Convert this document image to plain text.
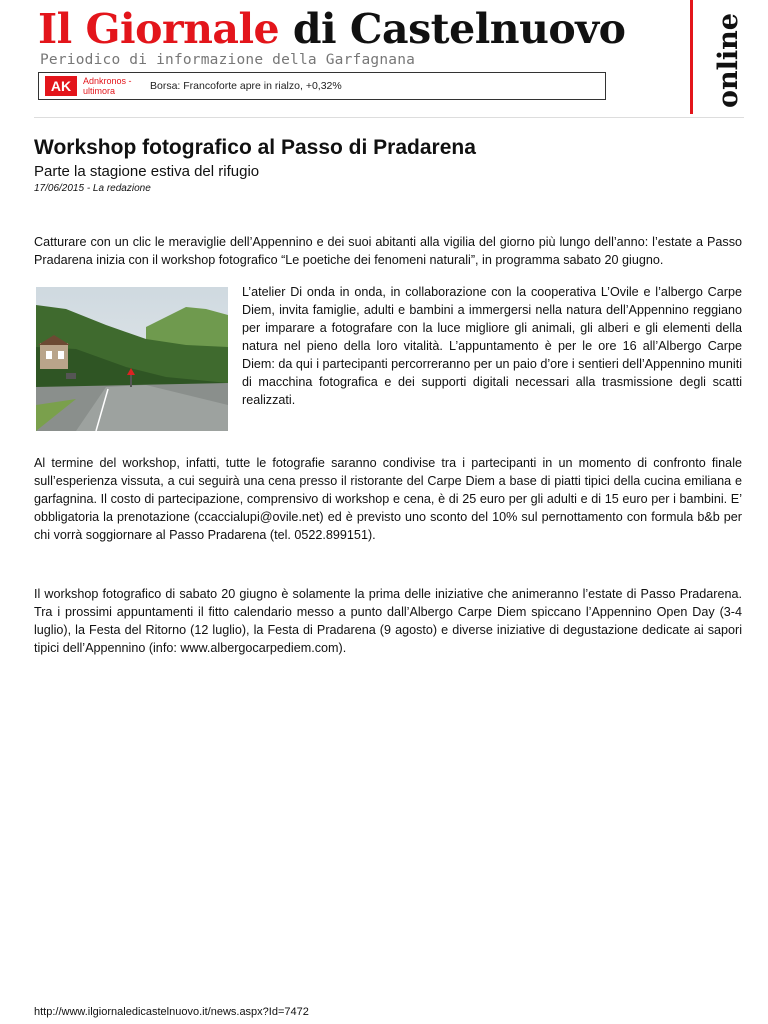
Il Giornale di Castelnuovo
Periodico di informazione della Garfagnana	online
AK	Adnkronos -
ultimora	Borsa: Francoforte apre in rialzo, +0,32%
Workshop fotografico al Passo di Pradarena
Parte la stagione estiva del rifugio
17/06/2015 - La redazione

Catturare con un clic le meraviglie dell’Appennino e dei suoi abitanti alla vigilia del giorno più lungo dell’anno: l’estate a Passo Pradarena inizia con il workshop fotografico “Le poetiche dei fenomeni naturali”, in programma sabato 20 giugno.

L’atelier Di onda in onda, in collaborazione con la cooperativa L’Ovile e l’albergo Carpe Diem, invita famiglie, adulti e bambini a immergersi nella natura dell’Appennino reggiano per imparare a fotografare con la luce migliore gli animali, gli alberi e gli elementi della natura nel pieno della loro vitalità. L’appuntamento è per le ore 16 all’Albergo Carpe Diem: da qui i partecipanti percorreranno per un paio d’ore i sentieri dell’Appennino muniti di macchina fotografica e dei supporti digitali necessari alla trasmissione degli scatti realizzati.

Al termine del workshop, infatti, tutte le fotografie saranno condivise tra i partecipanti in un momento di confronto finale sull’esperienza vissuta, a cui seguirà una cena presso il ristorante del Carpe Diem a base di piatti tipici della cucina emiliana e garfagnina. Il costo di partecipazione, comprensivo di workshop e cena, è di 25 euro per gli adulti e di 15 euro per i bambini. E’ obbligatoria la prenotazione (ccaccialupi@ovile.net) ed è previsto uno sconto del 10% sul pernottamento con formula b&b per chi vorrà soggiornare al Passo Pradarena (tel. 0522.899151).

Il workshop fotografico di sabato 20 giugno è solamente la prima delle iniziative che animeranno l’estate di Passo Pradarena. Tra i prossimi appuntamenti il fitto calendario messo a punto dall’Albergo Carpe Diem spiccano l’Appennino Open Day (3-4 luglio), la Festa del Ritorno (12 luglio), la Festa di Pradarena (9 agosto) e diverse iniziative di degustazione dedicate ai sapori tipici dell’Appennino (info: www.albergocarpediem.com).

http://www.ilgiornaledicastelnuovo.it/news.aspx?Id=7472
